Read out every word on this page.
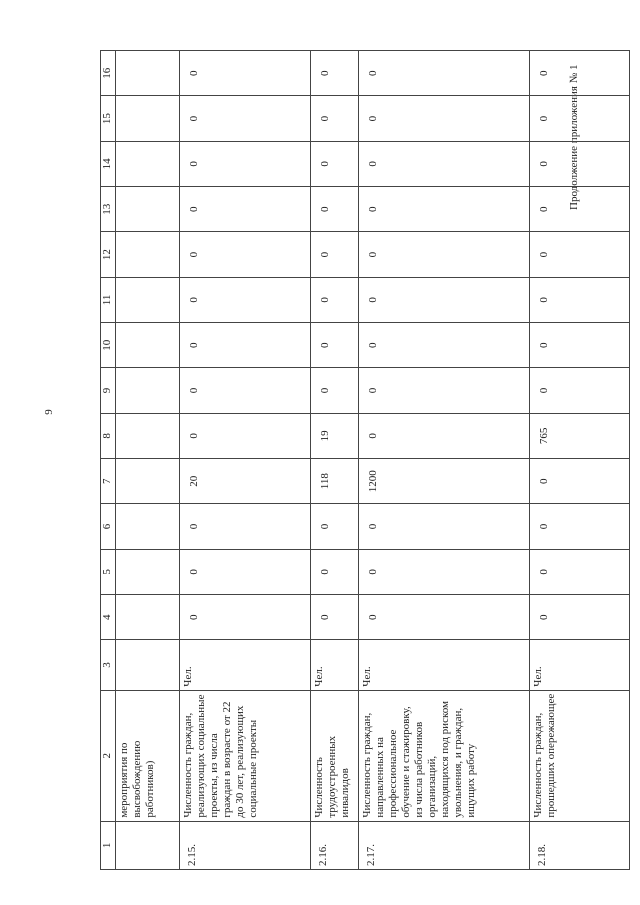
9
Продолжение приложения № 1
1	2	3	4	5	6	7	8	9	10	11	12	13	14	15	16
	мероприятия по высвобождению работников)														
2.15.	Численность граждан, реализующих социальные проекты, из числа граждан в возрасте от 22 до 30 лет, реализующих социальные проекты	Чел.	0	0	0	20	0	0	0	0	0	0	0	0	0
2.16.	Численность трудоустроенных инвалидов	Чел.	0	0	0	118	19	0	0	0	0	0	0	0	0
2.17.	Численность граждан, направленных на профессиональное обучение и стажировку, из числа работников организаций, находящихся под риском увольнения, и граждан, ищущих работу	Чел.	0	0	0	1200	0	0	0	0	0	0	0	0	0
2.18.	Численность граждан, прошедших опережающее	Чел.	0	0	0	0	765	0	0	0	0	0	0	0	0
